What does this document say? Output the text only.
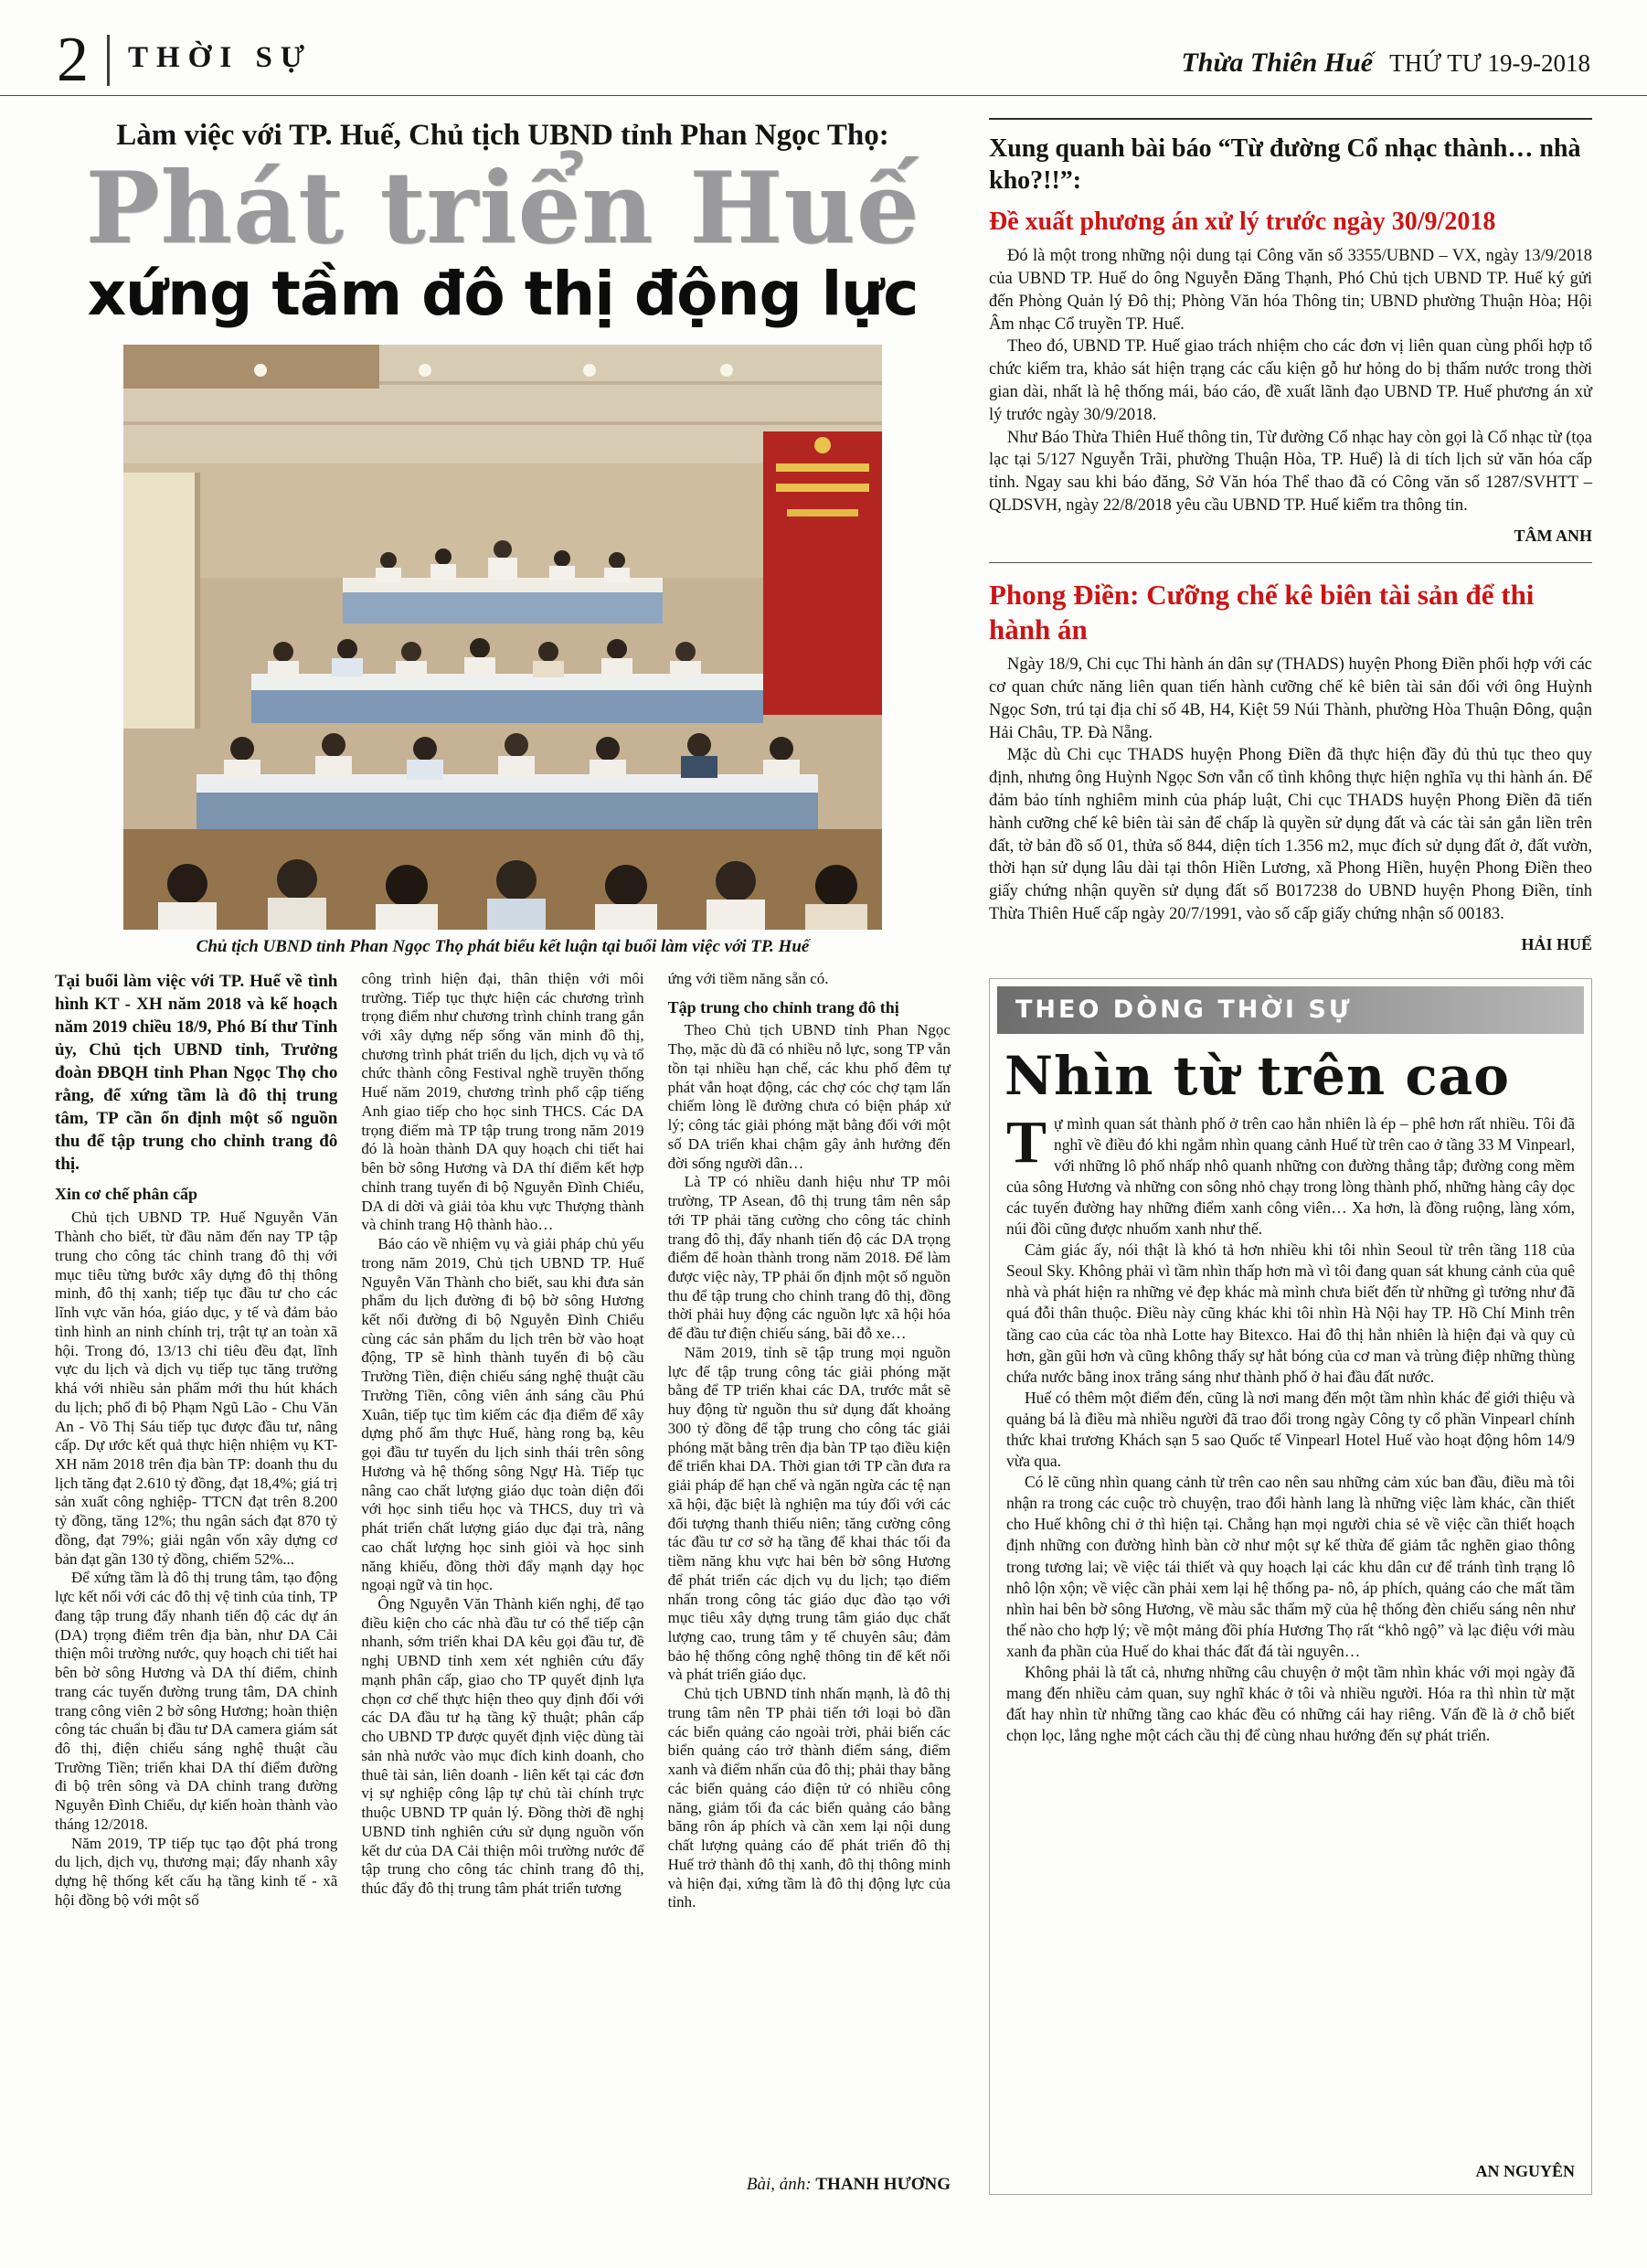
2 THỜI SỰ	Thừa Thiên Huế THỨ TƯ 19-9-2018
Làm việc với TP. Huế, Chủ tịch UBND tỉnh Phan Ngọc Thọ:
Phát triển Huế
xứng tầm đô thị động lực
Chủ tịch UBND tỉnh Phan Ngọc Thọ phát biểu kết luận tại buổi làm việc với TP. Huế

Tại buổi làm việc với TP. Huế về tình hình KT - XH năm 2018 và kế hoạch năm 2019 chiều 18/9, Phó Bí thư Tỉnh ủy, Chủ tịch UBND tỉnh, Trưởng đoàn ĐBQH tỉnh Phan Ngọc Thọ cho rằng, để xứng tầm là đô thị trung tâm, TP cần ổn định một số nguồn thu để tập trung cho chỉnh trang đô thị.

Xin cơ chế phân cấp

Chủ tịch UBND TP. Huế Nguyễn Văn Thành cho biết, từ đầu năm đến nay TP tập trung cho công tác chỉnh trang đô thị với mục tiêu từng bước xây dựng đô thị thông minh, đô thị xanh; tiếp tục đầu tư cho các lĩnh vực văn hóa, giáo dục, y tế và đảm bảo tình hình an ninh chính trị, trật tự an toàn xã hội. Trong đó, 13/13 chỉ tiêu đều đạt, lĩnh vực du lịch và dịch vụ tiếp tục tăng trưởng khá với nhiều sản phẩm mới thu hút khách du lịch; phố đi bộ Phạm Ngũ Lão - Chu Văn An - Võ Thị Sáu tiếp tục được đầu tư, nâng cấp. Dự ước kết quả thực hiện nhiệm vụ KT- XH năm 2018 trên địa bàn TP: doanh thu du lịch tăng đạt 2.610 tỷ đồng, đạt 18,4%; giá trị sản xuất công nghiệp- TTCN đạt trên 8.200 tỷ đồng, tăng 12%; thu ngân sách đạt 870 tỷ đồng, đạt 79%; giải ngân vốn xây dựng cơ bản đạt gần 130 tỷ đồng, chiếm 52%...

Để xứng tầm là đô thị trung tâm, tạo động lực kết nối với các đô thị vệ tinh của tỉnh, TP đang tập trung đẩy nhanh tiến độ các dự án (DA) trọng điểm trên địa bàn, như DA Cải thiện môi trường nước, quy hoạch chi tiết hai bên bờ sông Hương và DA thí điểm, chỉnh trang các tuyến đường trung tâm, DA chỉnh trang công viên 2 bờ sông Hương; hoàn thiện công tác chuẩn bị đầu tư DA camera giám sát đô thị, điện chiếu sáng nghệ thuật cầu Trường Tiền; triển khai DA thí điểm đường đi bộ trên sông và DA chỉnh trang đường Nguyễn Đình Chiểu, dự kiến hoàn thành vào tháng 12/2018.

Năm 2019, TP tiếp tục tạo đột phá trong du lịch, dịch vụ, thương mại; đẩy nhanh xây dựng hệ thống kết cấu hạ tầng kinh tế - xã hội đồng bộ với một số

công trình hiện đại, thân thiện với môi trường. Tiếp tục thực hiện các chương trình trọng điểm như chương trình chỉnh trang gắn với xây dựng nếp sống văn minh đô thị, chương trình phát triển du lịch, dịch vụ và tổ chức thành công Festival nghề truyền thống Huế năm 2019, chương trình phổ cập tiếng Anh giao tiếp cho học sinh THCS. Các DA trọng điểm mà TP tập trung trong năm 2019 đó là hoàn thành DA quy hoạch chi tiết hai bên bờ sông Hương và DA thí điểm kết hợp chỉnh trang tuyến đi bộ Nguyễn Đình Chiểu, DA di dời và giải tỏa khu vực Thượng thành và chỉnh trang Hộ thành hào…

Báo cáo về nhiệm vụ và giải pháp chủ yếu trong năm 2019, Chủ tịch UBND TP. Huế Nguyễn Văn Thành cho biết, sau khi đưa sản phẩm du lịch đường đi bộ bờ sông Hương kết nối đường đi bộ Nguyễn Đình Chiểu cùng các sản phẩm du lịch trên bờ vào hoạt động, TP sẽ hình thành tuyến đi bộ cầu Trường Tiền, điện chiếu sáng nghệ thuật cầu Trường Tiền, công viên ánh sáng cầu Phú Xuân, tiếp tục tìm kiếm các địa điểm để xây dựng phố ẩm thực Huế, hàng rong bạ, kêu gọi đầu tư tuyến du lịch sinh thái trên sông Hương và hệ thống sông Ngự Hà. Tiếp tục nâng cao chất lượng giáo dục toàn diện đối với học sinh tiểu học và THCS, duy trì và phát triển chất lượng giáo dục đại trà, nâng cao chất lượng học sinh giỏi và học sinh năng khiếu, đồng thời đẩy mạnh dạy học ngoại ngữ và tin học.

Ông Nguyễn Văn Thành kiến nghị, để tạo điều kiện cho các nhà đầu tư có thể tiếp cận nhanh, sớm triển khai DA kêu gọi đầu tư, đề nghị UBND tỉnh xem xét nghiên cứu đẩy mạnh phân cấp, giao cho TP quyết định lựa chọn cơ chế thực hiện theo quy định đối với các DA đầu tư hạ tầng kỹ thuật; phân cấp cho UBND TP được quyết định việc dùng tài sản nhà nước vào mục đích kinh doanh, cho thuê tài sản, liên doanh - liên kết tại các đơn vị sự nghiệp công lập tự chủ tài chính trực thuộc UBND TP quản lý. Đồng thời đề nghị UBND tỉnh nghiên cứu sử dụng nguồn vốn kết dư của DA Cải thiện môi trường nước để tập trung cho công tác chỉnh trang đô thị, thúc đẩy đô thị trung tâm phát triển tương

ứng với tiềm năng sẵn có.

Tập trung cho chỉnh trang đô thị

Theo Chủ tịch UBND tỉnh Phan Ngọc Thọ, mặc dù đã có nhiều nỗ lực, song TP vẫn tồn tại nhiều hạn chế, các khu phố đêm tự phát vẫn hoạt động, các chợ cóc chợ tạm lấn chiếm lòng lề đường chưa có biện pháp xử lý; công tác giải phóng mặt bằng đối với một số DA triển khai chậm gây ảnh hưởng đến đời sống người dân…

Là TP có nhiều danh hiệu như TP môi trường, TP Asean, đô thị trung tâm nên sắp tới TP phải tăng cường cho công tác chỉnh trang đô thị, đẩy nhanh tiến độ các DA trọng điểm để hoàn thành trong năm 2018. Để làm được việc này, TP phải ổn định một số nguồn thu để tập trung cho chỉnh trang đô thị, đồng thời phải huy động các nguồn lực xã hội hóa để đầu tư điện chiếu sáng, bãi đỗ xe…

Năm 2019, tỉnh sẽ tập trung mọi nguồn lực để tập trung công tác giải phóng mặt bằng để TP triển khai các DA, trước mắt sẽ huy động từ nguồn thu sử dụng đất khoảng 300 tỷ đồng để tập trung cho công tác giải phóng mặt bằng trên địa bàn TP tạo điều kiện để triển khai DA. Thời gian tới TP cần đưa ra giải pháp để hạn chế và ngăn ngừa các tệ nạn xã hội, đặc biệt là nghiện ma túy đối với các đối tượng thanh thiếu niên; tăng cường công tác đầu tư cơ sở hạ tầng để khai thác tối đa tiềm năng khu vực hai bên bờ sông Hương để phát triển các dịch vụ du lịch; tạo điểm nhấn trong công tác giáo dục đào tạo với mục tiêu xây dựng trung tâm giáo dục chất lượng cao, trung tâm y tế chuyên sâu; đảm bảo hệ thống công nghệ thông tin để kết nối và phát triển giáo dục.

Chủ tịch UBND tỉnh nhấn mạnh, là đô thị trung tâm nên TP phải tiến tới loại bỏ dần các biển quảng cáo ngoài trời, phải biến các biển quảng cáo trở thành điểm sáng, điểm xanh và điểm nhấn của đô thị; phải thay bằng các biển quảng cáo điện tử có nhiều công năng, giảm tối đa các biển quảng cáo bằng băng rôn áp phích và cần xem lại nội dung chất lượng quảng cáo để phát triển đô thị Huế trở thành đô thị xanh, đô thị thông minh và hiện đại, xứng tầm là đô thị động lực của tỉnh.

Bài, ảnh: THANH HƯƠNG
Xung quanh bài báo “Từ đường Cổ nhạc thành… nhà kho?!!”:
Đề xuất phương án xử lý trước ngày 30/9/2018

Đó là một trong những nội dung tại Công văn số 3355/UBND – VX, ngày 13/9/2018 của UBND TP. Huế do ông Nguyễn Đăng Thạnh, Phó Chủ tịch UBND TP. Huế ký gửi đến Phòng Quản lý Đô thị; Phòng Văn hóa Thông tin; UBND phường Thuận Hòa; Hội Âm nhạc Cổ truyền TP. Huế.

Theo đó, UBND TP. Huế giao trách nhiệm cho các đơn vị liên quan cùng phối hợp tổ chức kiểm tra, khảo sát hiện trạng các cấu kiện gỗ hư hỏng do bị thấm nước trong thời gian dài, nhất là hệ thống mái, báo cáo, đề xuất lãnh đạo UBND TP. Huế phương án xử lý trước ngày 30/9/2018.

Như Báo Thừa Thiên Huế thông tin, Từ đường Cổ nhạc hay còn gọi là Cổ nhạc từ (tọa lạc tại 5/127 Nguyễn Trãi, phường Thuận Hòa, TP. Huế) là di tích lịch sử văn hóa cấp tỉnh. Ngay sau khi báo đăng, Sở Văn hóa Thể thao đã có Công văn số 1287/SVHTT – QLDSVH, ngày 22/8/2018 yêu cầu UBND TP. Huế kiểm tra thông tin.

TÂM ANH
Phong Điền: Cưỡng chế kê biên tài sản để thi hành án

Ngày 18/9, Chi cục Thi hành án dân sự (THADS) huyện Phong Điền phối hợp với các cơ quan chức năng liên quan tiến hành cưỡng chế kê biên tài sản đối với ông Huỳnh Ngọc Sơn, trú tại địa chỉ số 4B, H4, Kiệt 59 Núi Thành, phường Hòa Thuận Đông, quận Hải Châu, TP. Đà Nẵng.

Mặc dù Chi cục THADS huyện Phong Điền đã thực hiện đầy đủ thủ tục theo quy định, nhưng ông Huỳnh Ngọc Sơn vẫn cố tình không thực hiện nghĩa vụ thi hành án. Để đảm bảo tính nghiêm minh của pháp luật, Chi cục THADS huyện Phong Điền đã tiến hành cưỡng chế kê biên tài sản để chấp là quyền sử dụng đất và các tài sản gắn liền trên đất, tờ bản đồ số 01, thửa số 844, diện tích 1.356 m2, mục đích sử dụng đất ở, đất vườn, thời hạn sử dụng lâu dài tại thôn Hiền Lương, xã Phong Hiền, huyện Phong Điền theo giấy chứng nhận quyền sử dụng đất số B017238 do UBND huyện Phong Điền, tỉnh Thừa Thiên Huế cấp ngày 20/7/1991, vào số cấp giấy chứng nhận số 00183.

HẢI HUẾ
THEO DÒNG THỜI SỰ
Nhìn từ trên cao

Tự mình quan sát thành phố ở trên cao hẳn nhiên là ép – phê hơn rất nhiều. Tôi đã nghĩ về điều đó khi ngắm nhìn quang cảnh Huế từ trên cao ở tầng 33 M Vinpearl, với những lô phố nhấp nhô quanh những con đường thẳng tắp; đường cong mềm của sông Hương và những con sông nhỏ chạy trong lòng thành phố, những hàng cây dọc các tuyến đường hay những điểm xanh công viên… Xa hơn, là đồng ruộng, làng xóm, núi đồi cũng được nhuốm xanh như thế.

Cảm giác ấy, nói thật là khó tả hơn nhiều khi tôi nhìn Seoul từ trên tầng 118 của Seoul Sky. Không phải vì tầm nhìn thấp hơn mà vì tôi đang quan sát khung cảnh của quê nhà và phát hiện ra những vẻ đẹp khác mà mình chưa biết đến từ những gì tưởng như đã quá đỗi thân thuộc. Điều này cũng khác khi tôi nhìn Hà Nội hay TP. Hồ Chí Minh trên tầng cao của các tòa nhà Lotte hay Bitexco. Hai đô thị hẳn nhiên là hiện đại và quy củ hơn, gần gũi hơn và cũng không thấy sự hắt bóng của cơ man và trùng điệp những thùng chứa nước bằng inox trắng sáng như thành phố ở hai đầu đất nước.

Huế có thêm một điểm đến, cũng là nơi mang đến một tầm nhìn khác để giới thiệu và quảng bá là điều mà nhiều người đã trao đổi trong ngày Công ty cổ phần Vinpearl chính thức khai trương Khách sạn 5 sao Quốc tế Vinpearl Hotel Huế vào hoạt động hôm 14/9 vừa qua.

Có lẽ cũng nhìn quang cảnh từ trên cao nên sau những cảm xúc ban đầu, điều mà tôi nhận ra trong các cuộc trò chuyện, trao đổi hành lang là những việc làm khác, cần thiết cho Huế không chỉ ở thì hiện tại. Chẳng hạn mọi người chia sẻ về việc cần thiết hoạch định những con đường hình bàn cờ như một sự kế thừa để giảm tắc nghẽn giao thông trong tương lai; về việc tái thiết và quy hoạch lại các khu dân cư để tránh tình trạng lô nhô lộn xộn; về việc cần phải xem lại hệ thống pa- nô, áp phích, quảng cáo che mất tầm nhìn hai bên bờ sông Hương, về màu sắc thẩm mỹ của hệ thống đèn chiếu sáng nên như thế nào cho hợp lý; về một mảng đồi phía Hương Thọ rất “khô ngộ” và lạc điệu với màu xanh đa phần của Huế do khai thác đất đá tài nguyên…

Không phải là tất cả, nhưng những câu chuyện ở một tầm nhìn khác với mọi ngày đã mang đến nhiều cảm quan, suy nghĩ khác ở tôi và nhiều người. Hóa ra thì nhìn từ mặt đất hay nhìn từ những tầng cao khác đều có những cái hay riêng. Vấn đề là ở chỗ biết chọn lọc, lắng nghe một cách cầu thị để cùng nhau hướng đến sự phát triển.

AN NGUYÊN
